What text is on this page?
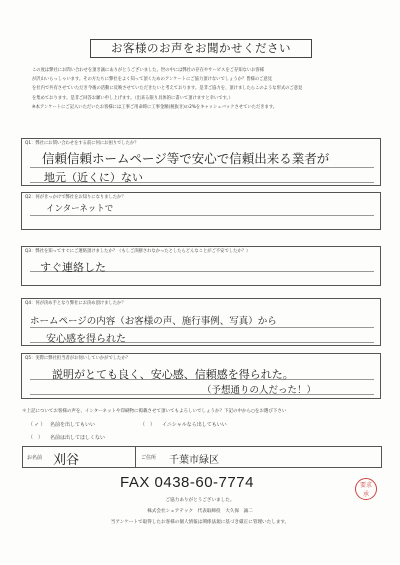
お客様のお声をお聞かせください

この度は弊社にお問い合わせを頂き誠にありがとうございました。世の中には弊社の存在やサービスをご存知ないお客様

が沢山いらっしゃいます。その方たちに弊社をよく知って頂くためのアンケートにご協力頂けないでしょうか？皆様のご意見

を社内で共有させていただき今後の活動に反映させていただきたいと考えております。是非ご協力を、頂けましたらこのような形式のご意見

を集めております。是非ご回答お願い申し上げます。（出来る限り具体的に書いて頂けますと幸いです。）

※本アンケートにご記入いただいたお客様には工事ご用命時に工事金額(税抜き)の2%をキャッシュバックさせていただきます。

Q1：弊社にお問い合わせをする前に何にお困りでしたか？
信頼信頼ホームページ等で安心で信頼出来る業者が
地元（近くに）ない
Q2：何がきっかけで弊社をお知りになりましたか？
インターネットで
Q3：弊社を知ってすぐにご連絡頂けましたか？（もしご決断されなかったとしたらどんなことがご不安でしたか？）
すぐ連絡した
Q4：何が決め手となり弊社にお決め頂けましたか？
ホームページの内容（お客様の声、施行事例、写真）から
安心感を得られた
Q5：実際に弊社担当者がお伺いしていかがでしたか？
説明がとても良く、安心感、信頼感を得られた。
（予想通りの人だった！）
＊上記についてお客様の声を、インターネットや印刷物に掲載させて頂いてもよろしいでしょうか？下記の中から○をお選び下さい
（ ✓ ） 名前を出してもいい	（　） イニシャルなら出してもいい
（　） 名前は出してほしくない
お名前 刈谷	ご住所 千葉市緑区
FAX 0438-60-7774
ご協力ありがとうございました。
株式会社シェアテック　代表取締役　大久保　誠二
当アンケートで取得したお客様の個人情報は関係法規に基づき厳正に管理いたします。
要求
承
